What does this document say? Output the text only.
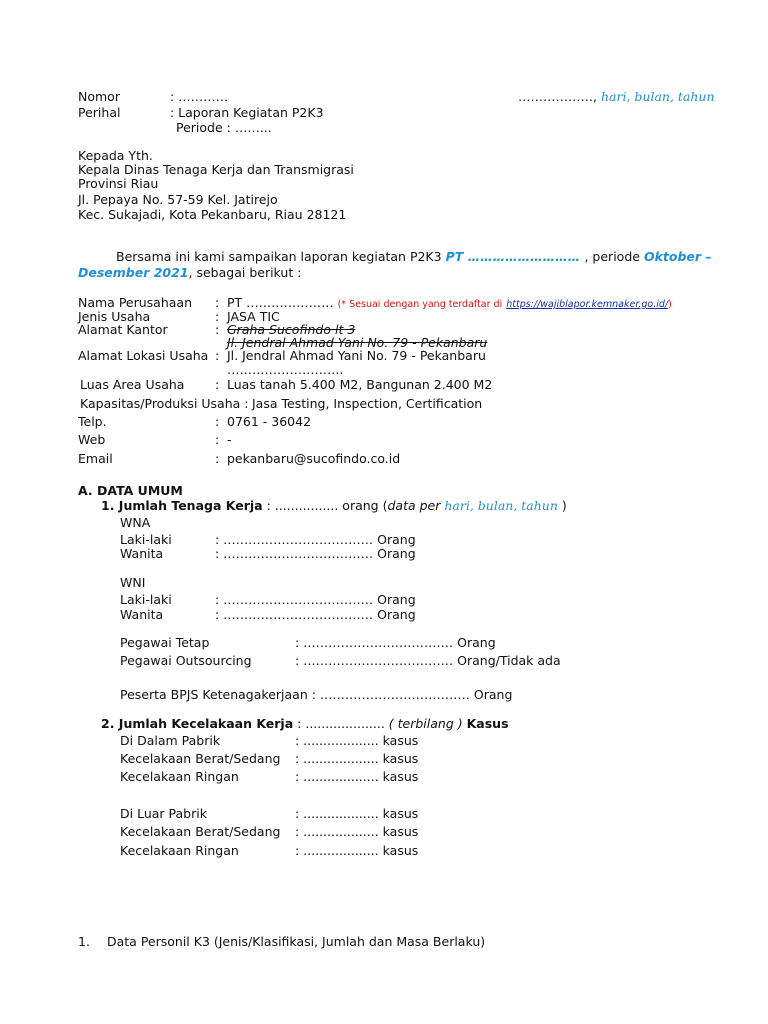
Nomor	: …………	………………, hari, bulan, tahun
Perihal	: Laporan Kegiatan P2K3
Periode : ……...
Kepada Yth.
Kepala Dinas Tenaga Kerja dan Transmigrasi
Provinsi Riau
Jl. Pepaya No. 57-59 Kel. Jatirejo
Kec. Sukajadi, Kota Pekanbaru, Riau 28121
Bersama ini kami sampaikan laporan kegiatan P2K3 PT ……………………… , periode Oktober –
Desember 2021, sebagai berikut :
Nama Perusahaan : PT ………………… (* Sesuai dengan yang terdaftar di https://wajiblapor.kemnaker.go.id/)
Jenis Usaha	: JASA TIC
Alamat Kantor	: Graha Sucofindo lt 3
Jl. Jendral Ahmad Yani No. 79 - Pekanbaru
Alamat Lokasi Usaha : Jl. Jendral Ahmad Yani No. 79 - Pekanbaru
……………………….
Luas Area Usaha : Luas tanah 5.400 M2, Bangunan 2.400 M2
Kapasitas/Produksi Usaha : Jasa Testing, Inspection, Certification
Telp.	: 0761 - 36042
Web	: -
Email	: pekanbaru@sucofindo.co.id
A. DATA UMUM
1. Jumlah Tenaga Kerja : ................ orang (data per hari, bulan, tahun )
WNA
Laki-laki	: ……………………………… Orang
Wanita	: ……………………………… Orang
WNI
Laki-laki	: ……………………………… Orang
Wanita	: ……………………………… Orang
Pegawai Tetap	: ……………………………… Orang
Pegawai Outsourcing	: ……………………………… Orang/Tidak ada
Peserta BPJS Ketenagakerjaan : ……………………………… Orang
2. Jumlah Kecelakaan Kerja : .................... ( terbilang ) Kasus
Di Dalam Pabrik	: ................... kasus
Kecelakaan Berat/Sedang : ................... kasus
Kecelakaan Ringan	: ................... kasus
Di Luar Pabrik	: ................... kasus
Kecelakaan Berat/Sedang : ................... kasus
Kecelakaan Ringan	: ................... kasus
1. Data Personil K3 (Jenis/Klasifikasi, Jumlah dan Masa Berlaku)
